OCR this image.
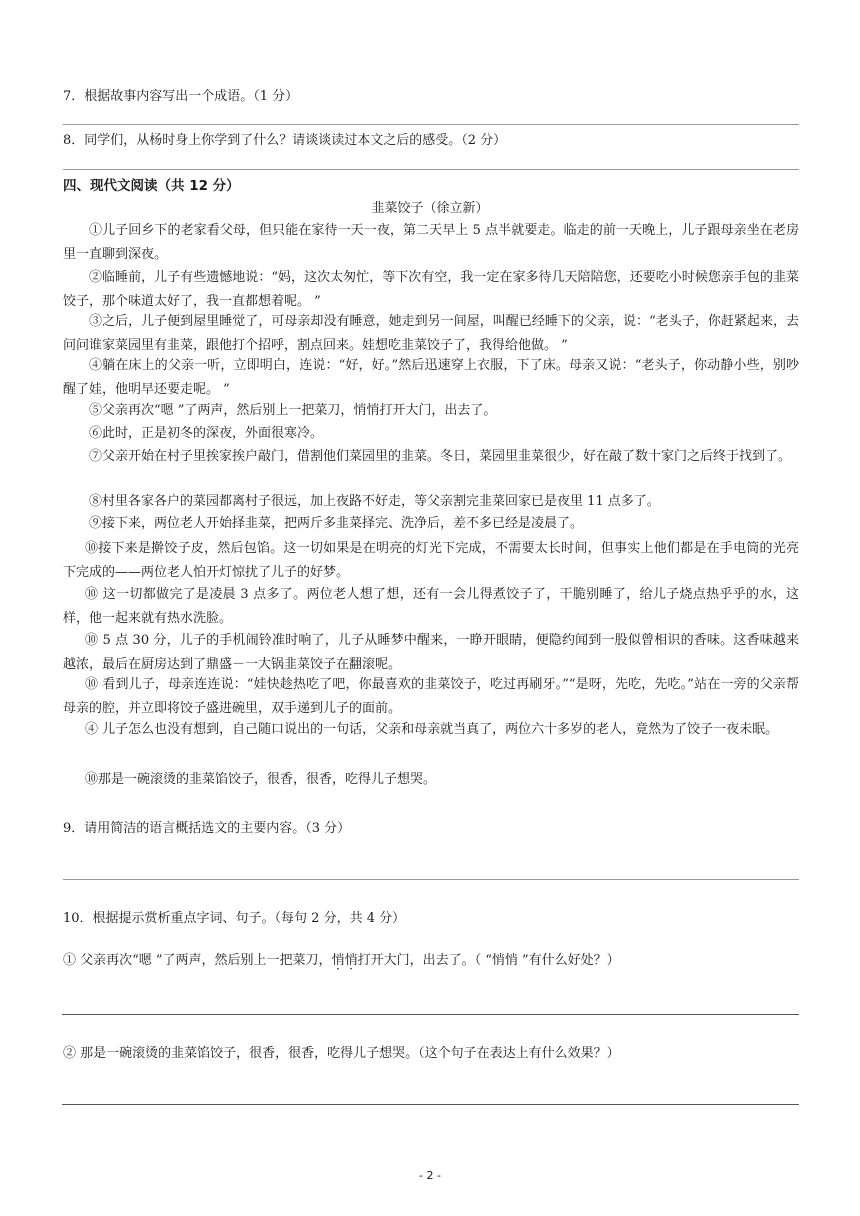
7．根据故事内容写出一个成语。（1 分）
8．同学们，从杨时身上你学到了什么？请谈谈读过本文之后的感受。（2 分）
四、现代文阅读（共 12 分）
韭菜饺子（徐立新）
①儿子回乡下的老家看父母，但只能在家待一天一夜，第二天早上 5 点半就要走。临走的前一天晚上，儿子跟母亲坐在老房里一直聊到深夜。
②临睡前，儿子有些遗憾地说：“妈，这次太匆忙，等下次有空，我一定在家多待几天陪陪您，还要吃小时候您亲手包的韭菜饺子，那个味道太好了，我一直都想着呢。 ”
③之后，儿子便到屋里睡觉了，可母亲却没有睡意，她走到另一间屋，叫醒已经睡下的父亲，说：“老头子，你赶紧起来，去问问谁家菜园里有韭菜，跟他打个招呼，割点回来。娃想吃韭菜饺子了，我得给他做。 ”
④躺在床上的父亲一听，立即明白，连说：“好，好。”然后迅速穿上衣服，下了床。母亲又说：“老头子，你动静小些，别吵醒了娃，他明早还要走呢。 ”
⑤父亲再次“嗯 ”了两声，然后别上一把菜刀，悄悄打开大门，出去了。
⑥此时，正是初冬的深夜，外面很寒冷。
⑦父亲开始在村子里挨家挨户敲门，借割他们菜园里的韭菜。冬日，菜园里韭菜很少，好在敲了数十家门之后终于找到了。
⑧村里各家各户的菜园都离村子很远，加上夜路不好走，等父亲割完韭菜回家已是夜里 11 点多了。
⑨接下来，两位老人开始择韭菜，把两斤多韭菜择完、洗净后，差不多已经是凌晨了。
⑩接下来是擀饺子皮，然后包馅。这一切如果是在明亮的灯光下完成，不需要太长时间，但事实上他们都是在手电筒的光亮下完成的——两位老人怕开灯惊扰了儿子的好梦。
⑩ 这一切都做完了是凌晨 3 点多了。两位老人想了想，还有一会儿得煮饺子了，干脆别睡了，给儿子烧点热乎乎的水，这样，他一起来就有热水洗脸。
⑩ 5 点 30 分，儿子的手机闹铃准时响了，儿子从睡梦中醒来，一睁开眼睛，便隐约闻到一股似曾相识的香味。这香味越来越浓，最后在厨房达到了鼎盛－一大锅韭菜饺子在翻滚呢。
⑩ 看到儿子，母亲连连说：“娃快趁热吃了吧，你最喜欢的韭菜饺子，吃过再刷牙。”“是呀，先吃，先吃。”站在一旁的父亲帮母亲的腔，并立即将饺子盛进碗里，双手递到儿子的面前。
④ 儿子怎么也没有想到，自己随口说出的一句话，父亲和母亲就当真了，两位六十多岁的老人，竟然为了饺子一夜未眠。
⑩那是一碗滚烫的韭菜馅饺子，很香，很香，吃得儿子想哭。
9．请用简洁的语言概括选文的主要内容。（3 分）
10．根据提示赏析重点字词、句子。（每句 2 分，共 4 分）
① 父亲再次“嗯 ”了两声，然后别上一把菜刀，悄悄打开大门，出去了。（ “悄悄 ”有什么好处？）
② 那是一碗滚烫的韭菜馅饺子，很香，很香，吃得儿子想哭。（这个句子在表达上有什么效果？）
- 2 -
